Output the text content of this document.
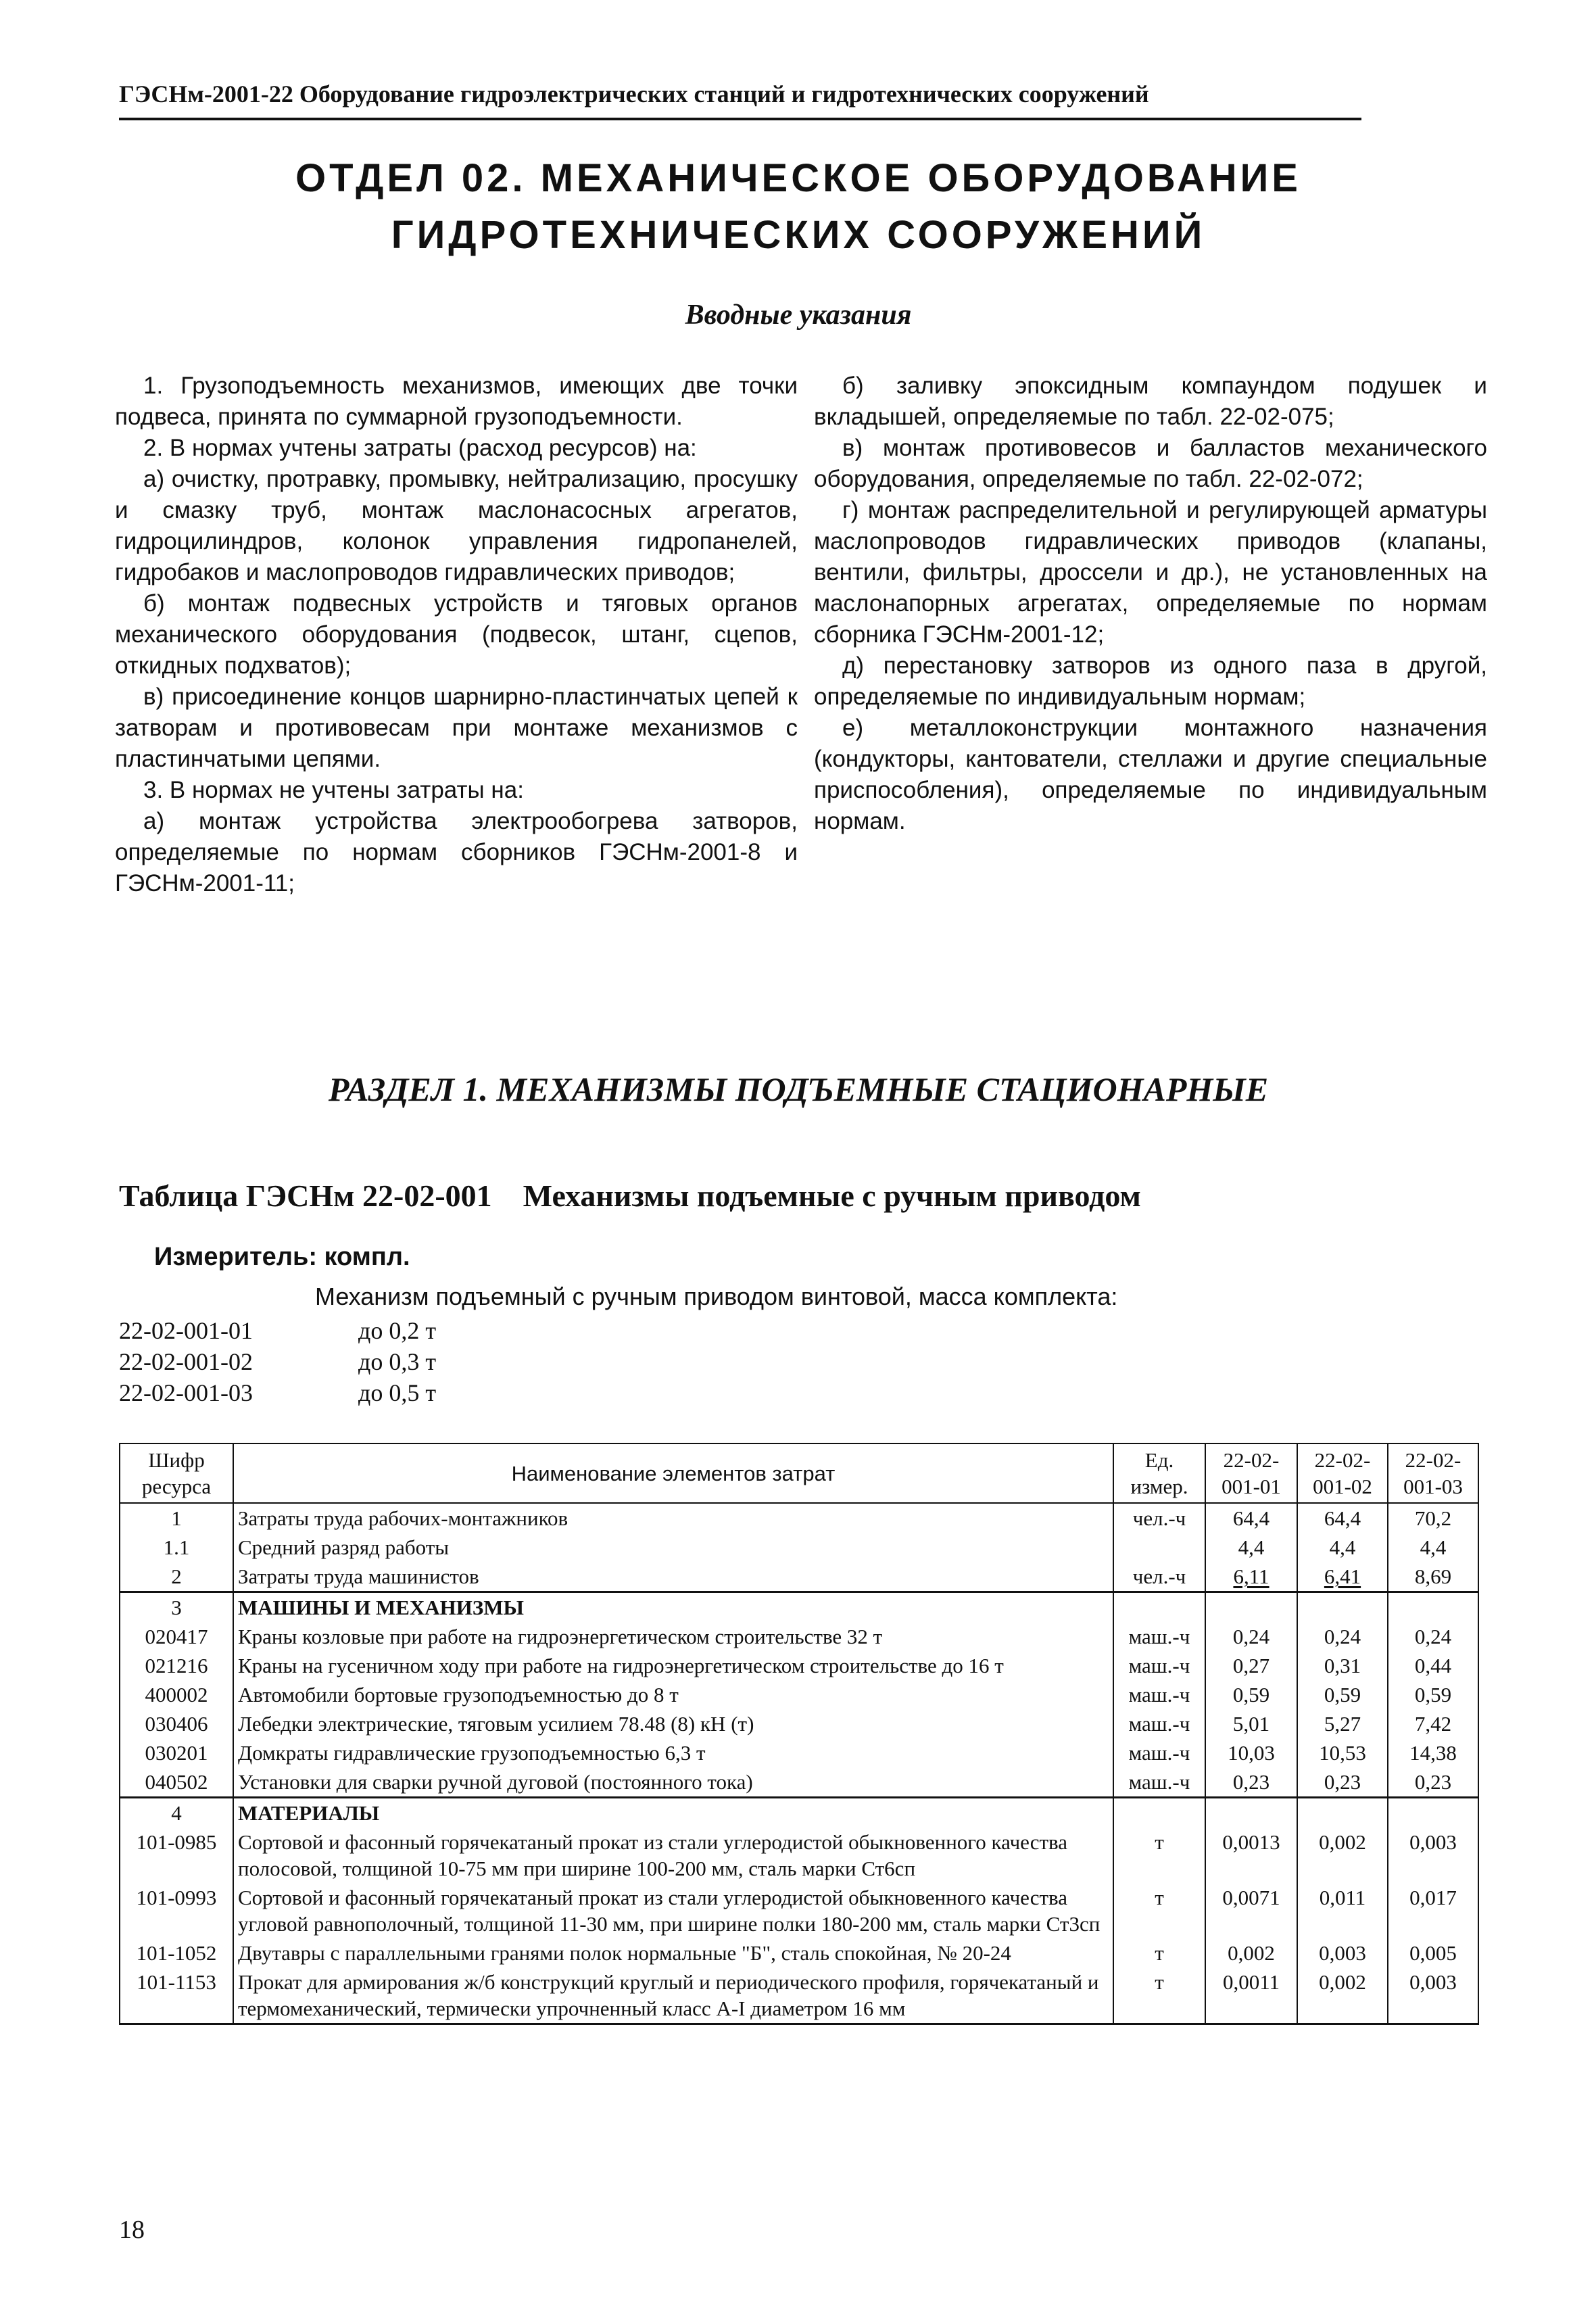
ГЭСНм-2001-22 Оборудование гидроэлектрических станций и гидротехнических сооружений
ОТДЕЛ 02. МЕХАНИЧЕСКОЕ ОБОРУДОВАНИЕ
ГИДРОТЕХНИЧЕСКИХ СООРУЖЕНИЙ
Вводные указания

1. Грузоподъемность механизмов, имеющих две точки подвеса, принята по суммарной грузоподъемности.

2. В нормах учтены затраты (расход ресурсов) на:

а) очистку, протравку, промывку, нейтрализацию, просушку и смазку труб, монтаж маслонасосных агрегатов, гидроцилиндров, колонок управления гидропанелей, гидробаков и маслопроводов гидравлических приводов;

б) монтаж подвесных устройств и тяговых органов механического оборудования (подвесок, штанг, сцепов, откидных подхватов);

в) присоединение концов шарнирно-пластинчатых цепей к затворам и противовесам при монтаже механизмов с пластинчатыми цепями.

3. В нормах не учтены затраты на:

а) монтаж устройства электрообогрева затворов, определяемые по нормам сборников ГЭСНм-2001-8 и ГЭСНм-2001-11;

б) заливку эпоксидным компаундом подушек и вкладышей, определяемые по табл. 22-02-075;

в) монтаж противовесов и балластов механического оборудования, определяемые по табл. 22-02-072;

г) монтаж распределительной и регулирующей арматуры маслопроводов гидравлических приводов (клапаны, вентили, фильтры, дроссели и др.), не установленных на маслонапорных агрегатах, определяемые по нормам сборника ГЭСНм-2001-12;

д) перестановку затворов из одного паза в другой, определяемые по индивидуальным нормам;

е) металлоконструкции монтажного назначения (кондукторы, кантователи, стеллажи и другие специальные приспособления), определяемые по индивидуальным нормам.

РАЗДЕЛ 1. МЕХАНИЗМЫ ПОДЪЕМНЫЕ СТАЦИОНАРНЫЕ
Таблица ГЭСНм 22-02-001 Механизмы подъемные с ручным приводом
Измеритель: компл.
Механизм подъемный с ручным приводом винтовой, масса комплекта:
22-02-001-01	до 0,2 т
22-02-001-02	до 0,3 т
22-02-001-03	до 0,5 т
Шифр ресурса	Наименование элементов затрат	Ед. измер.	22-02-001-01	22-02-001-02	22-02-001-03
1	Затраты труда рабочих-монтажников	чел.-ч	64,4	64,4	70,2
1.1	Средний разряд работы		4,4	4,4	4,4
2	Затраты труда машинистов	чел.-ч	6,11	6,41	8,69
3	МАШИНЫ И МЕХАНИЗМЫ				
020417	Краны козловые при работе на гидроэнергетическом строительстве 32 т	маш.-ч	0,24	0,24	0,24
021216	Краны на гусеничном ходу при работе на гидроэнергетическом строительстве до 16 т	маш.-ч	0,27	0,31	0,44
400002	Автомобили бортовые грузоподъемностью до 8 т	маш.-ч	0,59	0,59	0,59
030406	Лебедки электрические, тяговым усилием 78.48 (8) кН (т)	маш.-ч	5,01	5,27	7,42
030201	Домкраты гидравлические грузоподъемностью 6,3 т	маш.-ч	10,03	10,53	14,38
040502	Установки для сварки ручной дуговой (постоянного тока)	маш.-ч	0,23	0,23	0,23
4	МАТЕРИАЛЫ				
101-0985	Сортовой и фасонный горячекатаный прокат из стали углеродистой обыкновенного качества полосовой, толщиной 10-75 мм при ширине 100-200 мм, сталь марки Ст6сп	т	0,0013	0,002	0,003
101-0993	Сортовой и фасонный горячекатаный прокат из стали углеродистой обыкновенного качества угловой равнополочный, толщиной 11-30 мм, при ширине полки 180-200 мм, сталь марки Ст3сп	т	0,0071	0,011	0,017
101-1052	Двутавры с параллельными гранями полок нормальные "Б", сталь спокойная, № 20-24	т	0,002	0,003	0,005
101-1153	Прокат для армирования ж/б конструкций круглый и периодического профиля, горячекатаный и термомеханический, термически упрочненный класс А-I диаметром 16 мм	т	0,0011	0,002	0,003
18
